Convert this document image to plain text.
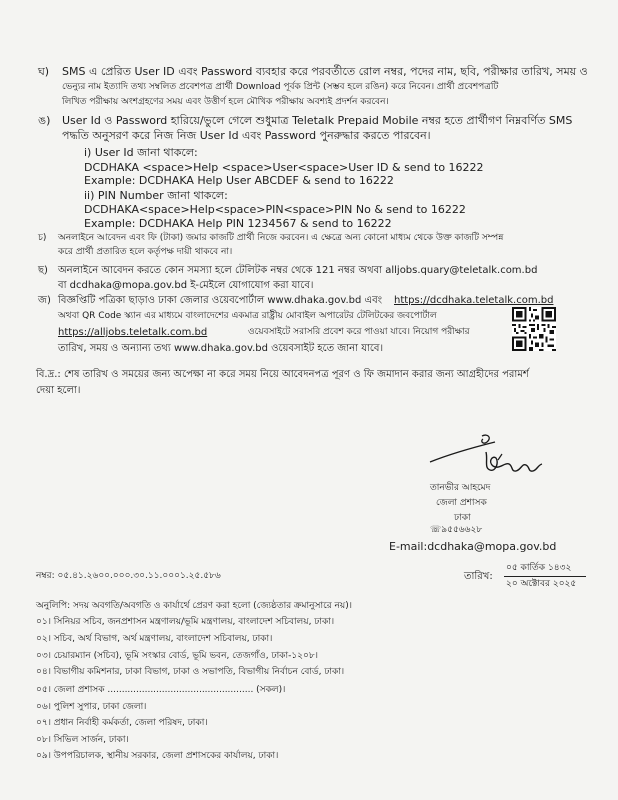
ঘ) SMS এ প্রেরিত User ID এবং Password ব্যবহার করে পরবর্তীতে রোল নম্বর, পদের নাম, ছবি, পরীক্ষার তারিখ, সময় ও
ভেন্যুর নাম ইত্যাদি তথ্য সম্বলিত প্রবেশপত্র প্রার্থী Download পূর্বক প্রিন্ট (সম্ভব হলে রঙিন) করে নিবেন। প্রার্থী প্রবেশপত্রটি
লিখিত পরীক্ষায় অংশগ্রহণের সময় এবং উত্তীর্ণ হলে মৌখিক পরীক্ষায় অবশ্যই প্রদর্শন করবেন।
ঙ) User Id ও Password হারিয়ে/ভুলে গেলে শুধুমাত্র Teletalk Prepaid Mobile নম্বর হতে প্রার্থীগণ নিম্নবর্ণিত SMS
পদ্ধতি অনুসরণ করে নিজ নিজ User Id এবং Password পুনরুদ্ধার করতে পারবেন।
i) User Id জানা থাকলে:
DCDHAKA <space>Help <space>User<space>User ID & send to 16222
Example: DCDHAKA Help User ABCDEF & send to 16222
ii) PIN Number জানা থাকলে:
DCDHAKA<space>Help<space>PIN<space>PIN No & send to 16222
Example: DCDHAKA Help PIN 1234567 & send to 16222
চ) অনলাইনে আবেদন এবং ফি (টাকা) জমার কাজটি প্রার্থী নিজে করবেন। এ ক্ষেত্রে অন্য কোনো মাধ্যম থেকে উক্ত কাজটি সম্পন্ন
করে প্রার্থী প্রতারিত হলে কর্তৃপক্ষ দায়ী থাকবে না।
ছ) অনলাইনে আবেদন করতে কোন সমস্যা হলে টেলিটক নম্বর থেকে 121 নম্বর অথবা alljobs.quary@teletalk.com.bd
বা dcdhaka@mopa.gov.bd ই-মেইলে যোগাযোগ করা যাবে।
জ) বিজ্ঞপ্তিটি পত্রিকা ছাড়াও ঢাকা জেলার ওয়েবপোর্টাল www.dhaka.gov.bd এবং https://dcdhaka.teletalk.com.bd
অথবা QR Code স্ক্যান এর মাধ্যমে বাংলাদেশের একমাত্র রাষ্ট্রীয় মোবাইল অপারেটর টেলিটকের জবপোর্টাল
https://alljobs.teletalk.com.bd	ওয়েবসাইটে সরাসরি প্রবেশ করে পাওয়া যাবে। নিয়োগ পরীক্ষার
তারিখ, সময় ও অন্যান্য তথ্য www.dhaka.gov.bd ওয়েবসাইট হতে জানা যাবে।
বি.দ্র.: শেষ তারিখ ও সময়ের জন্য অপেক্ষা না করে সময় নিয়ে আবেদনপত্র পূরণ ও ফি জমাদান করার জন্য আগ্রহীদের পরামর্শ
দেয়া হলো।
তানভীর আহমেদ
জেলা প্রশাসক
ঢাকা
☏৯৫৫৬৬২৮
E-mail:dcdhaka@mopa.gov.bd
নম্বর: ০৫.৪১.২৬০০.০০০.৩০.১১.০০০১.২৫.৫৮৬	তারিখ:
০৫ কার্তিক ১৪৩২
২০ অক্টোবর ২০২৫
অনুলিপি: সদয় অবগতি/অবগতি ও কার্যার্থে প্রেরণ করা হলো (জ্যেষ্ঠতার ক্রমানুসারে নয়)।
০১। সিনিয়র সচিব, জনপ্রশাসন মন্ত্রণালয়/ভূমি মন্ত্রণালয়, বাংলাদেশ সচিবালয়, ঢাকা।
০২। সচিব, অর্থ বিভাগ, অর্থ মন্ত্রণালয়, বাংলাদেশ সচিবালয়, ঢাকা।
০৩। চেয়ারম্যান (সচিব), ভূমি সংস্কার বোর্ড, ভূমি ভবন, তেজগাঁও, ঢাকা-১২০৮।
০৪। বিভাগীয় কমিশনার, ঢাকা বিভাগ, ঢাকা ও সভাপতি, বিভাগীয় নির্বাচন বোর্ড, ঢাকা।
০৫। জেলা প্রশাসক ................................................... (সকল)।
০৬। পুলিশ সুপার, ঢাকা জেলা।
০৭। প্রধান নির্বাহী কর্মকর্তা, জেলা পরিষদ, ঢাকা।
০৮। সিভিল সার্জন, ঢাকা।
০৯। উপপরিচালক, স্থানীয় সরকার, জেলা প্রশাসকের কার্যালয়, ঢাকা।
